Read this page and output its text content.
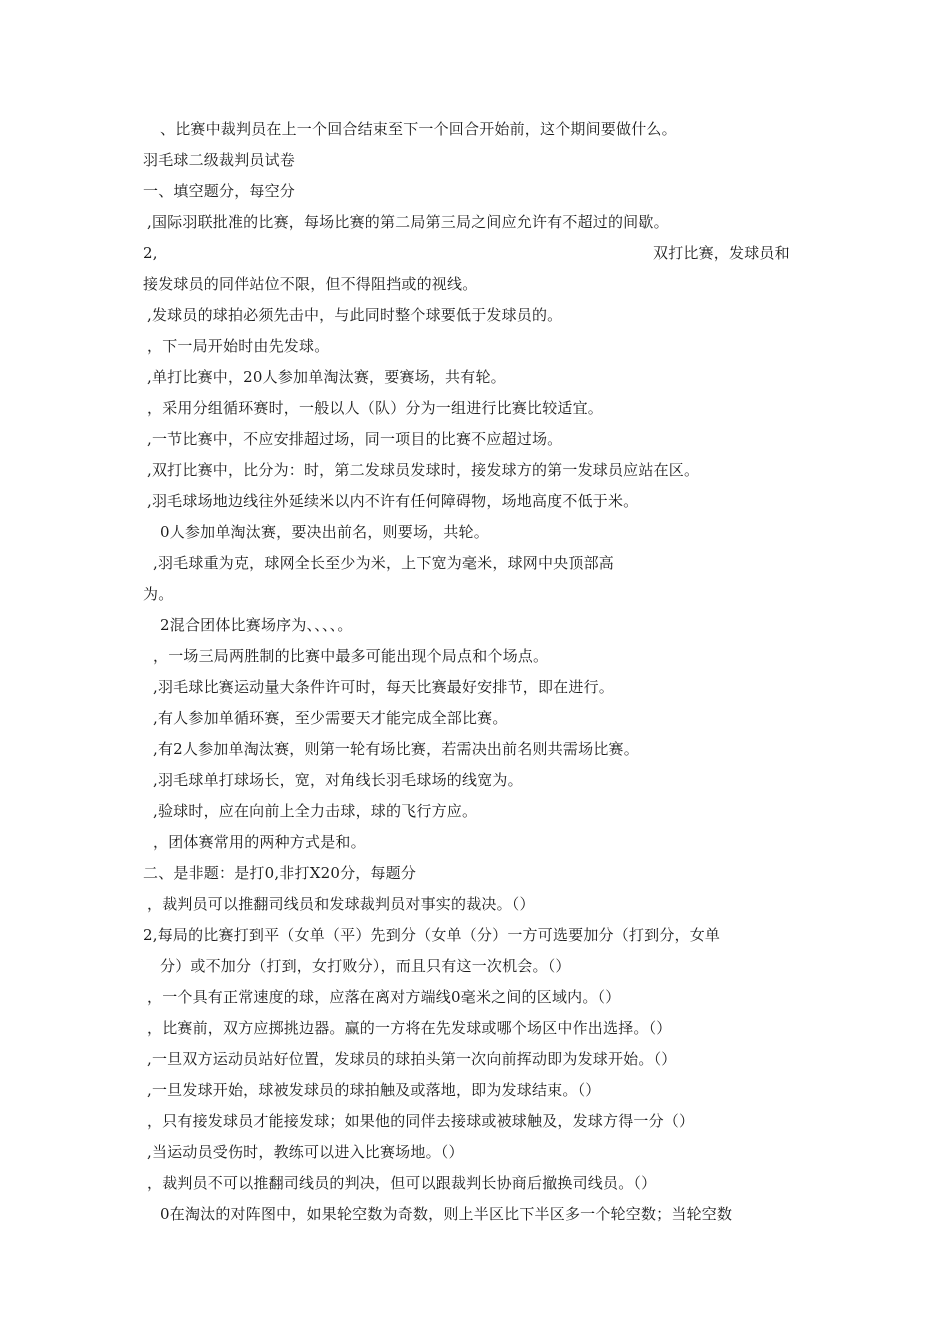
、比赛中裁判员在上一个回合结束至下一个回合开始前，这个期间要做什么。
羽毛球二级裁判员试卷
一、填空题分，每空分
,国际羽联批准的比赛，每场比赛的第二局第三局之间应允许有不超过的间歇。
2,	双打比赛，发球员和
接发球员的同伴站位不限，但不得阻挡或的视线。
,发球员的球拍必须先击中，与此同时整个球要低于发球员的。
，下一局开始时由先发球。
,单打比赛中，20人参加单淘汰赛，要赛场，共有轮。
，采用分组循环赛时，一般以人（队）分为一组进行比赛比较适宜。
,一节比赛中，不应安排超过场，同一项目的比赛不应超过场。
,双打比赛中，比分为：时，第二发球员发球时，接发球方的第一发球员应站在区。
,羽毛球场地边线往外延续米以内不许有任何障碍物，场地高度不低于米。
0人参加单淘汰赛，要决出前名，则要场，共轮。
,羽毛球重为克，球网全长至少为米，上下宽为毫米，球网中央顶部高
为。
2混合团体比赛场序为、、、、。
，一场三局两胜制的比赛中最多可能出现个局点和个场点。
,羽毛球比赛运动量大条件许可时，每天比赛最好安排节，即在进行。
,有人参加单循环赛，至少需要天才能完成全部比赛。
,有2人参加单淘汰赛，则第一轮有场比赛，若需决出前名则共需场比赛。
,羽毛球单打球场长，宽，对角线长羽毛球场的线宽为。
,验球时，应在向前上全力击球，球的飞行方应。
，团体赛常用的两种方式是和。
二、是非题：是打0,非打X20分，每题分
，裁判员可以推翻司线员和发球裁判员对事实的裁决。（）
2,每局的比赛打到平（女单（平）先到分（女单（分）一方可选要加分（打到分，女单
分）或不加分（打到，女打败分），而且只有这一次机会。（）
，一个具有正常速度的球，应落在离对方端线0毫米之间的区域内。（）
，比赛前，双方应掷挑边器。赢的一方将在先发球或哪个场区中作出选择。（）
,一旦双方运动员站好位置，发球员的球拍头第一次向前挥动即为发球开始。（）
,一旦发球开始，球被发球员的球拍触及或落地，即为发球结束。（）
，只有接发球员才能接发球；如果他的同伴去接球或被球触及，发球方得一分（）
,当运动员受伤时，教练可以进入比赛场地。（）
，裁判员不可以推翻司线员的判决，但可以跟裁判长协商后撤换司线员。（）
0在淘汰的对阵图中，如果轮空数为奇数，则上半区比下半区多一个轮空数；当轮空数
